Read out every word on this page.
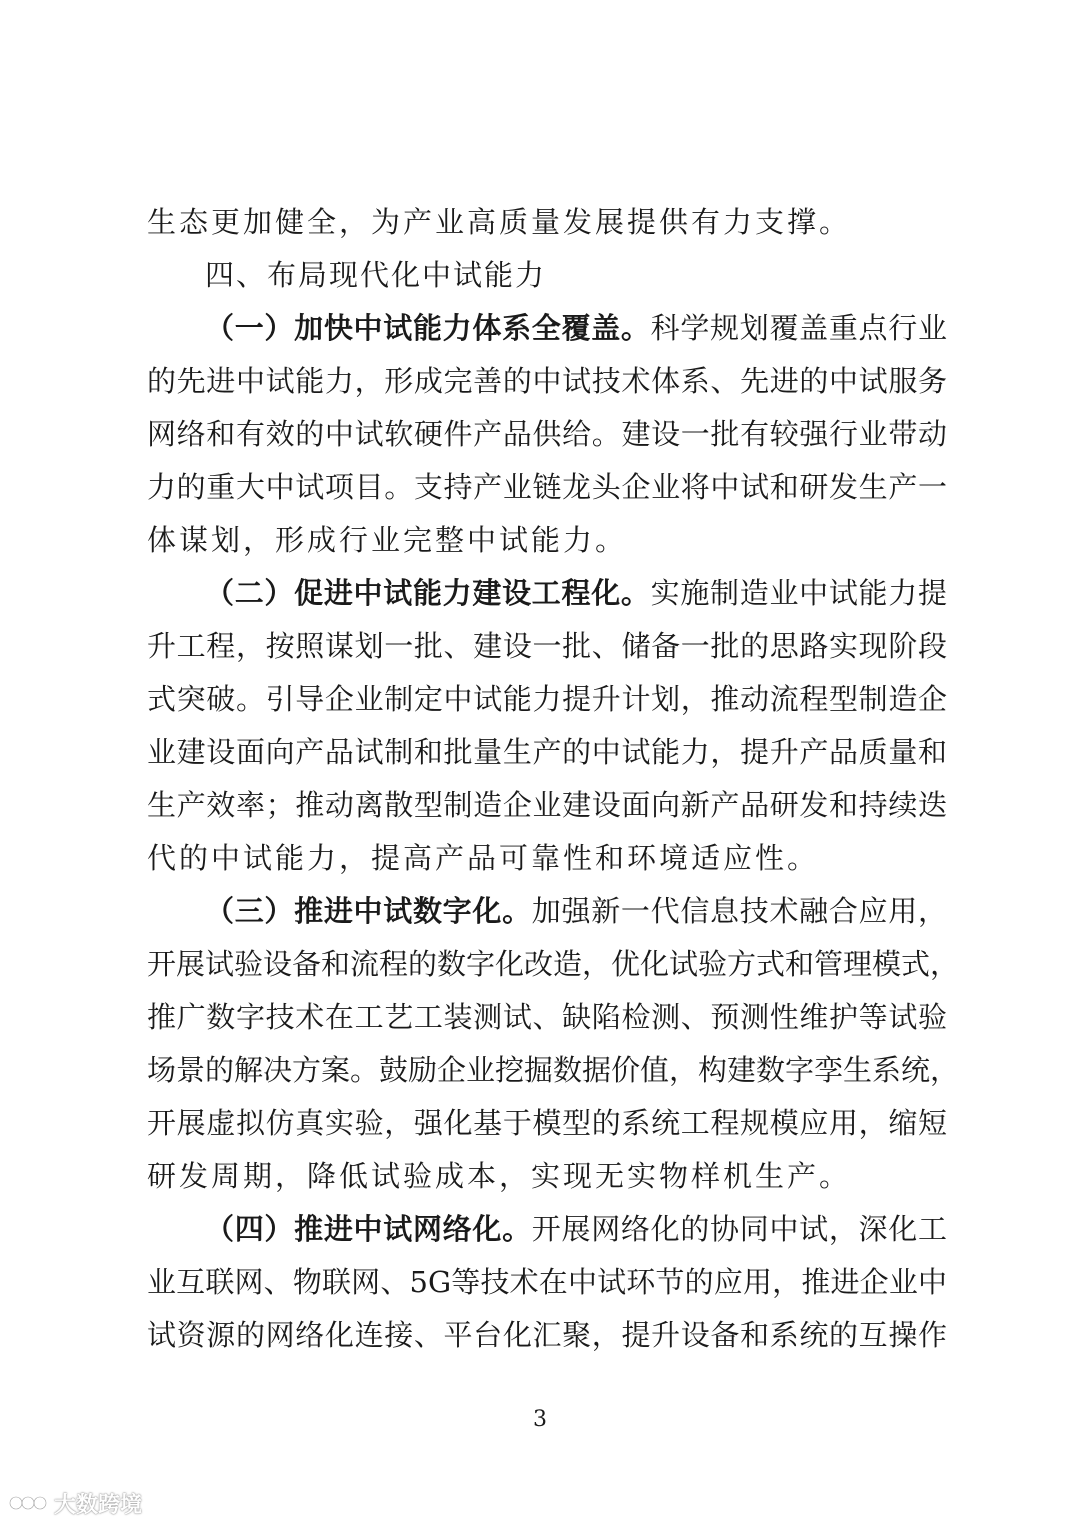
生态更加健全，为产业高质量发展提供有力支撑。
四、布局现代化中试能力
（一）加快中试能力体系全覆盖。科学规划覆盖重点行业
的先进中试能力，形成完善的中试技术体系、先进的中试服务
网络和有效的中试软硬件产品供给。建设一批有较强行业带动
力的重大中试项目。支持产业链龙头企业将中试和研发生产一
体谋划，形成行业完整中试能力。
（二）促进中试能力建设工程化。实施制造业中试能力提
升工程，按照谋划一批、建设一批、储备一批的思路实现阶段
式突破。引导企业制定中试能力提升计划，推动流程型制造企
业建设面向产品试制和批量生产的中试能力，提升产品质量和
生产效率；推动离散型制造企业建设面向新产品研发和持续迭
代的中试能力，提高产品可靠性和环境适应性。
（三）推进中试数字化。加强新一代信息技术融合应用，
开展试验设备和流程的数字化改造，优化试验方式和管理模式，
推广数字技术在工艺工装测试、缺陷检测、预测性维护等试验
场景的解决方案。鼓励企业挖掘数据价值，构建数字孪生系统，
开展虚拟仿真实验，强化基于模型的系统工程规模应用，缩短
研发周期，降低试验成本，实现无实物样机生产。
（四）推进中试网络化。开展网络化的协同中试，深化工
业互联网、物联网、5G等技术在中试环节的应用，推进企业中
试资源的网络化连接、平台化汇聚，提升设备和系统的互操作
3
大数跨境
